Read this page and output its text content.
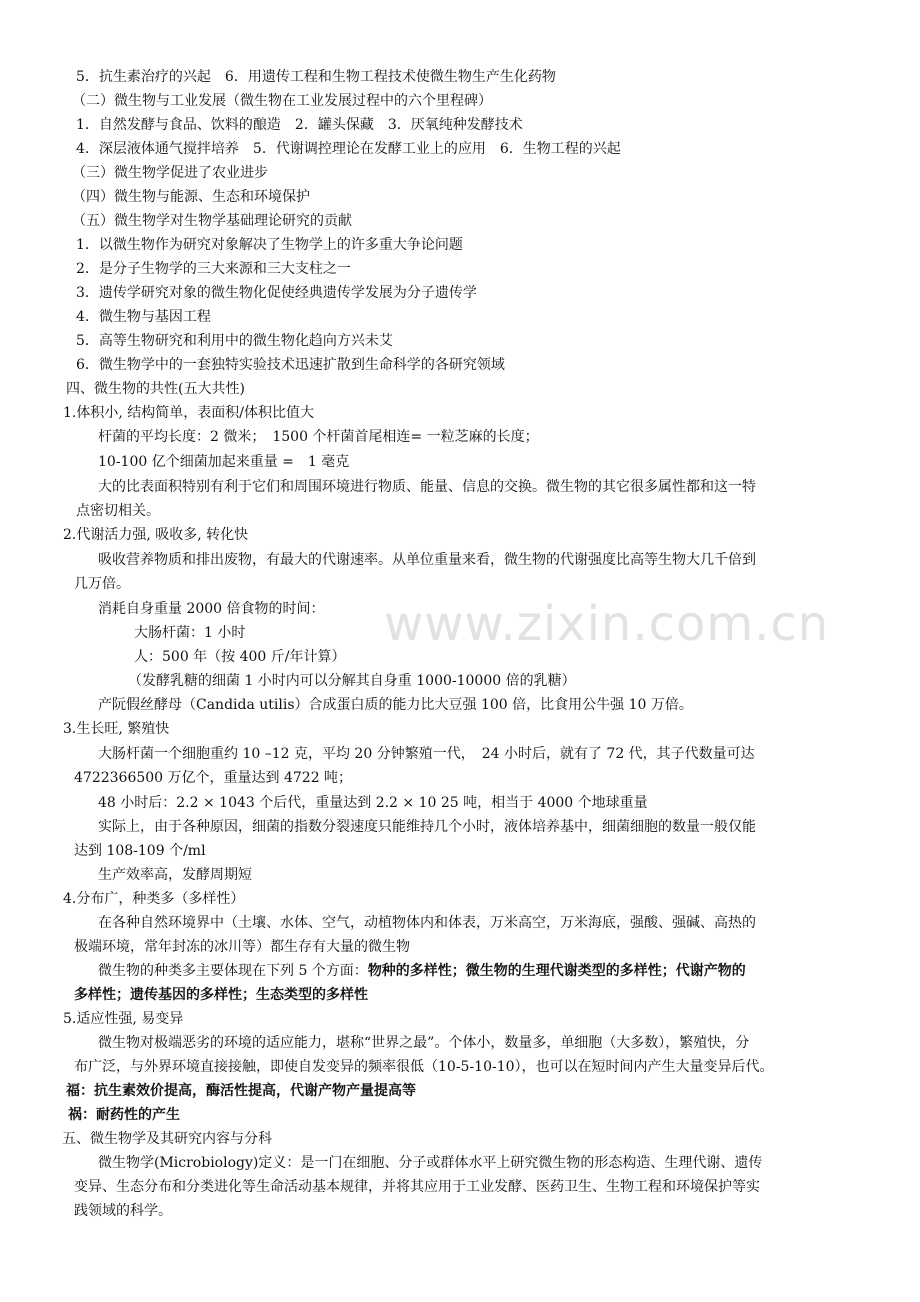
5．抗生素治疗的兴起　6．用遗传工程和生物工程技术使微生物生产生化药物
（二）微生物与工业发展（微生物在工业发展过程中的六个里程碑）
1．自然发酵与食品、饮料的酿造　2．罐头保藏　3．厌氧纯种发酵技术
4．深层液体通气搅拌培养　5．代谢调控理论在发酵工业上的应用　6．生物工程的兴起
（三）微生物学促进了农业进步
（四）微生物与能源、生态和环境保护
（五）微生物学对生物学基础理论研究的贡献
1．以微生物作为研究对象解决了生物学上的许多重大争论问题
2．是分子生物学的三大来源和三大支柱之一
3．遗传学研究对象的微生物化促使经典遗传学发展为分子遗传学
4．微生物与基因工程
5．高等生物研究和利用中的微生物化趋向方兴未艾
6．微生物学中的一套独特实验技术迅速扩散到生命科学的各研究领域
四、微生物的共性(五大共性)
1.体积小, 结构简单，表面积/体积比值大
杆菌的平均长度：2 微米；　1500 个杆菌首尾相连= 一粒芝麻的长度；
10-100 亿个细菌加起来重量 =　1 毫克
大的比表面积特别有利于它们和周围环境进行物质、能量、信息的交换。微生物的其它很多属性都和这一特
点密切相关。
2.代谢活力强, 吸收多, 转化快
吸收营养物质和排出废物，有最大的代谢速率。从单位重量来看，微生物的代谢强度比高等生物大几千倍到
几万倍。
消耗自身重量 2000 倍食物的时间：
大肠杆菌：1 小时
人：500 年（按 400 斤/年计算）
（发酵乳糖的细菌 1 小时内可以分解其自身重 1000-10000 倍的乳糖）
产阮假丝酵母（Candida utilis）合成蛋白质的能力比大豆强 100 倍，比食用公牛强 10 万倍。
3.生长旺, 繁殖快
大肠杆菌一个细胞重约 10 –12 克，平均 20 分钟繁殖一代，　24 小时后，就有了 72 代，其子代数量可达
4722366500 万亿个，重量达到 4722 吨；
48 小时后：2.2 × 1043 个后代，重量达到 2.2 × 10 25 吨，相当于 4000 个地球重量
实际上，由于各种原因，细菌的指数分裂速度只能维持几个小时，液体培养基中，细菌细胞的数量一般仅能
达到 108-109 个/ml
生产效率高，发酵周期短
4.分布广，种类多（多样性）
在各种自然环境界中（土壤、水体、空气，动植物体内和体表，万米高空，万米海底，强酸、强碱、高热的
极端环境，常年封冻的冰川等）都生存有大量的微生物
微生物的种类多主要体现在下列 5 个方面：物种的多样性；微生物的生理代谢类型的多样性；代谢产物的
多样性；遗传基因的多样性；生态类型的多样性
5.适应性强, 易变异
微生物对极端恶劣的环境的适应能力，堪称“世界之最”。个体小，数量多，单细胞（大多数），繁殖快，分
布广泛，与外界环境直接接触，即使自发变异的频率很低（10-5-10-10），也可以在短时间内产生大量变异后代。
福：抗生素效价提高，酶活性提高，代谢产物产量提高等
祸：耐药性的产生
五、微生物学及其研究内容与分科
微生物学(Microbiology)定义：是一门在细胞、分子或群体水平上研究微生物的形态构造、生理代谢、遗传
变异、生态分布和分类进化等生命活动基本规律，并将其应用于工业发酵、医药卫生、生物工程和环境保护等实
践领域的科学。
www.zixin.com.cn
